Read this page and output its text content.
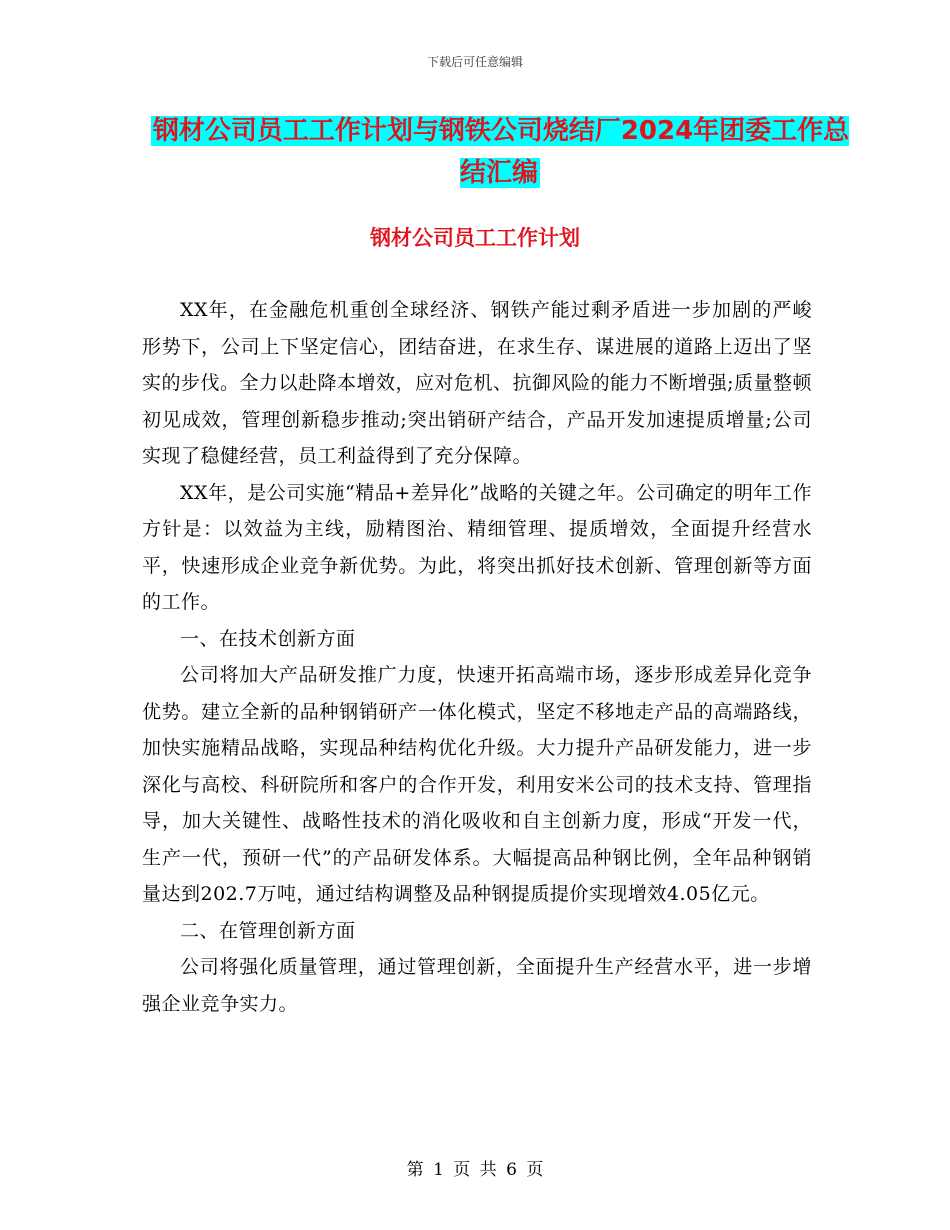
下载后可任意编辑
钢材公司员工工作计划与钢铁公司烧结厂2024年团委工作总结汇编
钢材公司员工工作计划

XX年，在金融危机重创全球经济、钢铁产能过剩矛盾进一步加剧的严峻形势下，公司上下坚定信心，团结奋进，在求生存、谋进展的道路上迈出了坚实的步伐。全力以赴降本增效，应对危机、抗御风险的能力不断增强;质量整顿初见成效，管理创新稳步推动;突出销研产结合，产品开发加速提质增量;公司实现了稳健经营，员工利益得到了充分保障。

XX年，是公司实施“精品+差异化”战略的关键之年。公司确定的明年工作方针是：以效益为主线，励精图治、精细管理、提质增效，全面提升经营水平，快速形成企业竞争新优势。为此，将突出抓好技术创新、管理创新等方面的工作。

一、在技术创新方面

公司将加大产品研发推广力度，快速开拓高端市场，逐步形成差异化竞争优势。建立全新的品种钢销研产一体化模式，坚定不移地走产品的高端路线，加快实施精品战略，实现品种结构优化升级。大力提升产品研发能力，进一步深化与高校、科研院所和客户的合作开发，利用安米公司的技术支持、管理指导，加大关键性、战略性技术的消化吸收和自主创新力度，形成“开发一代，生产一代，预研一代”的产品研发体系。大幅提高品种钢比例，全年品种钢销量达到202.7万吨，通过结构调整及品种钢提质提价实现增效4.05亿元。

二、在管理创新方面

公司将强化质量管理，通过管理创新，全面提升生产经营水平，进一步增强企业竞争实力。

第 1 页 共 6 页
